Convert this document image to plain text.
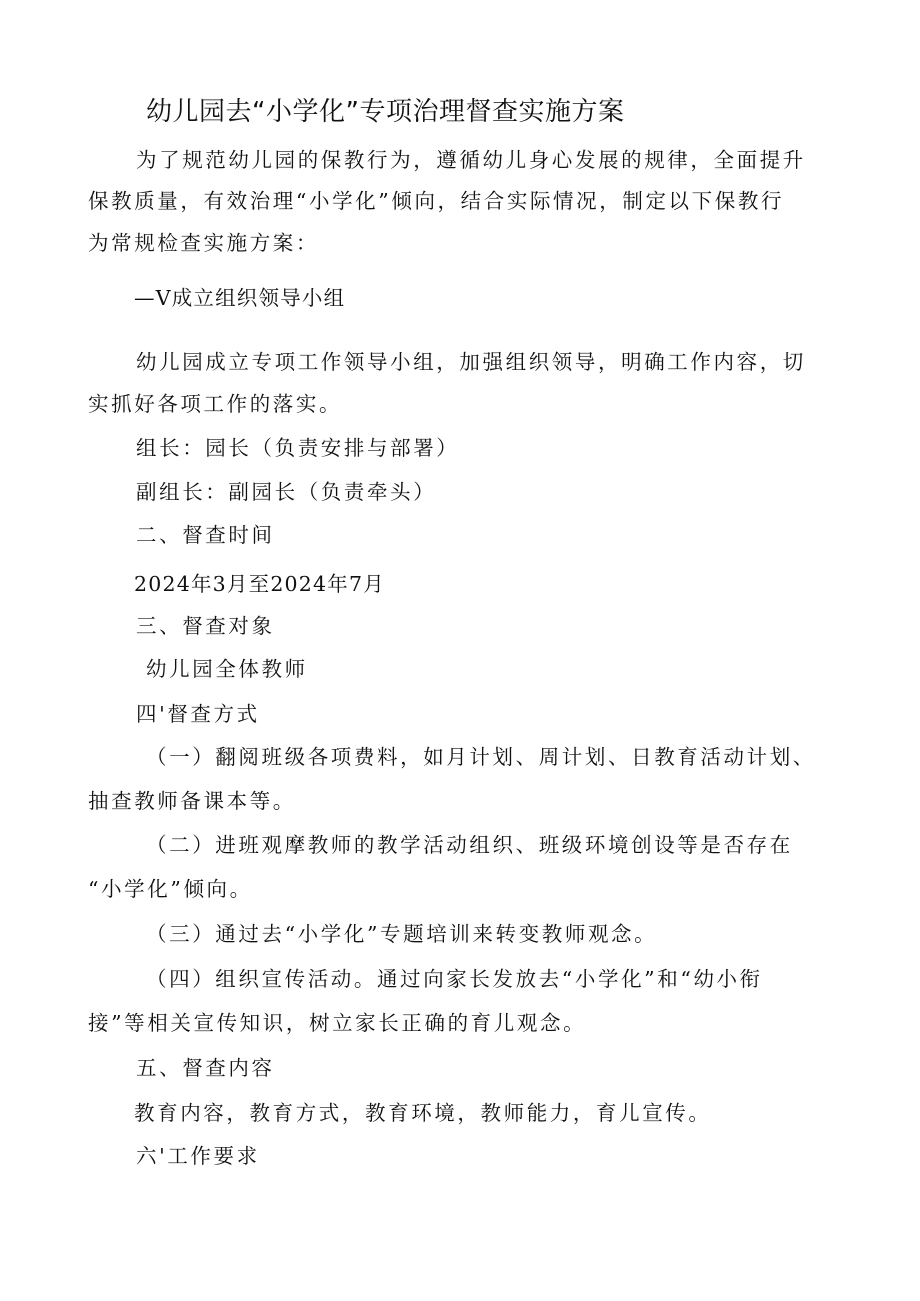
幼儿园去“小学化”专项治理督查实施方案
为了规范幼儿园的保教行为，遵循幼儿身心发展的规律，全面提升
保教质量，有效治理“小学化”倾向，结合实际情况，制定以下保教行
为常规检查实施方案：
—V成立组织领导小组
幼儿园成立专项工作领导小组，加强组织领导，明确工作内容，切
实抓好各项工作的落实。
组长：园长（负责安排与部署）
副组长：副园长（负责牵头）
二、督查时间
2024年3月至2024年7月
三、督查对象
幼儿园全体教师
四'督查方式
（一）翻阅班级各项费料，如月计划、周计划、日教育活动计划、
抽查教师备课本等。
（二）进班观摩教师的教学活动组织、班级环境创设等是否存在
“小学化”倾向。
（三）通过去“小学化”专题培训来转变教师观念。
（四）组织宣传活动。通过向家长发放去“小学化”和“幼小衔
接”等相关宣传知识，树立家长正确的育儿观念。
五、督查内容
教育内容，教育方式，教育环境，教师能力，育儿宣传。
六'工作要求
